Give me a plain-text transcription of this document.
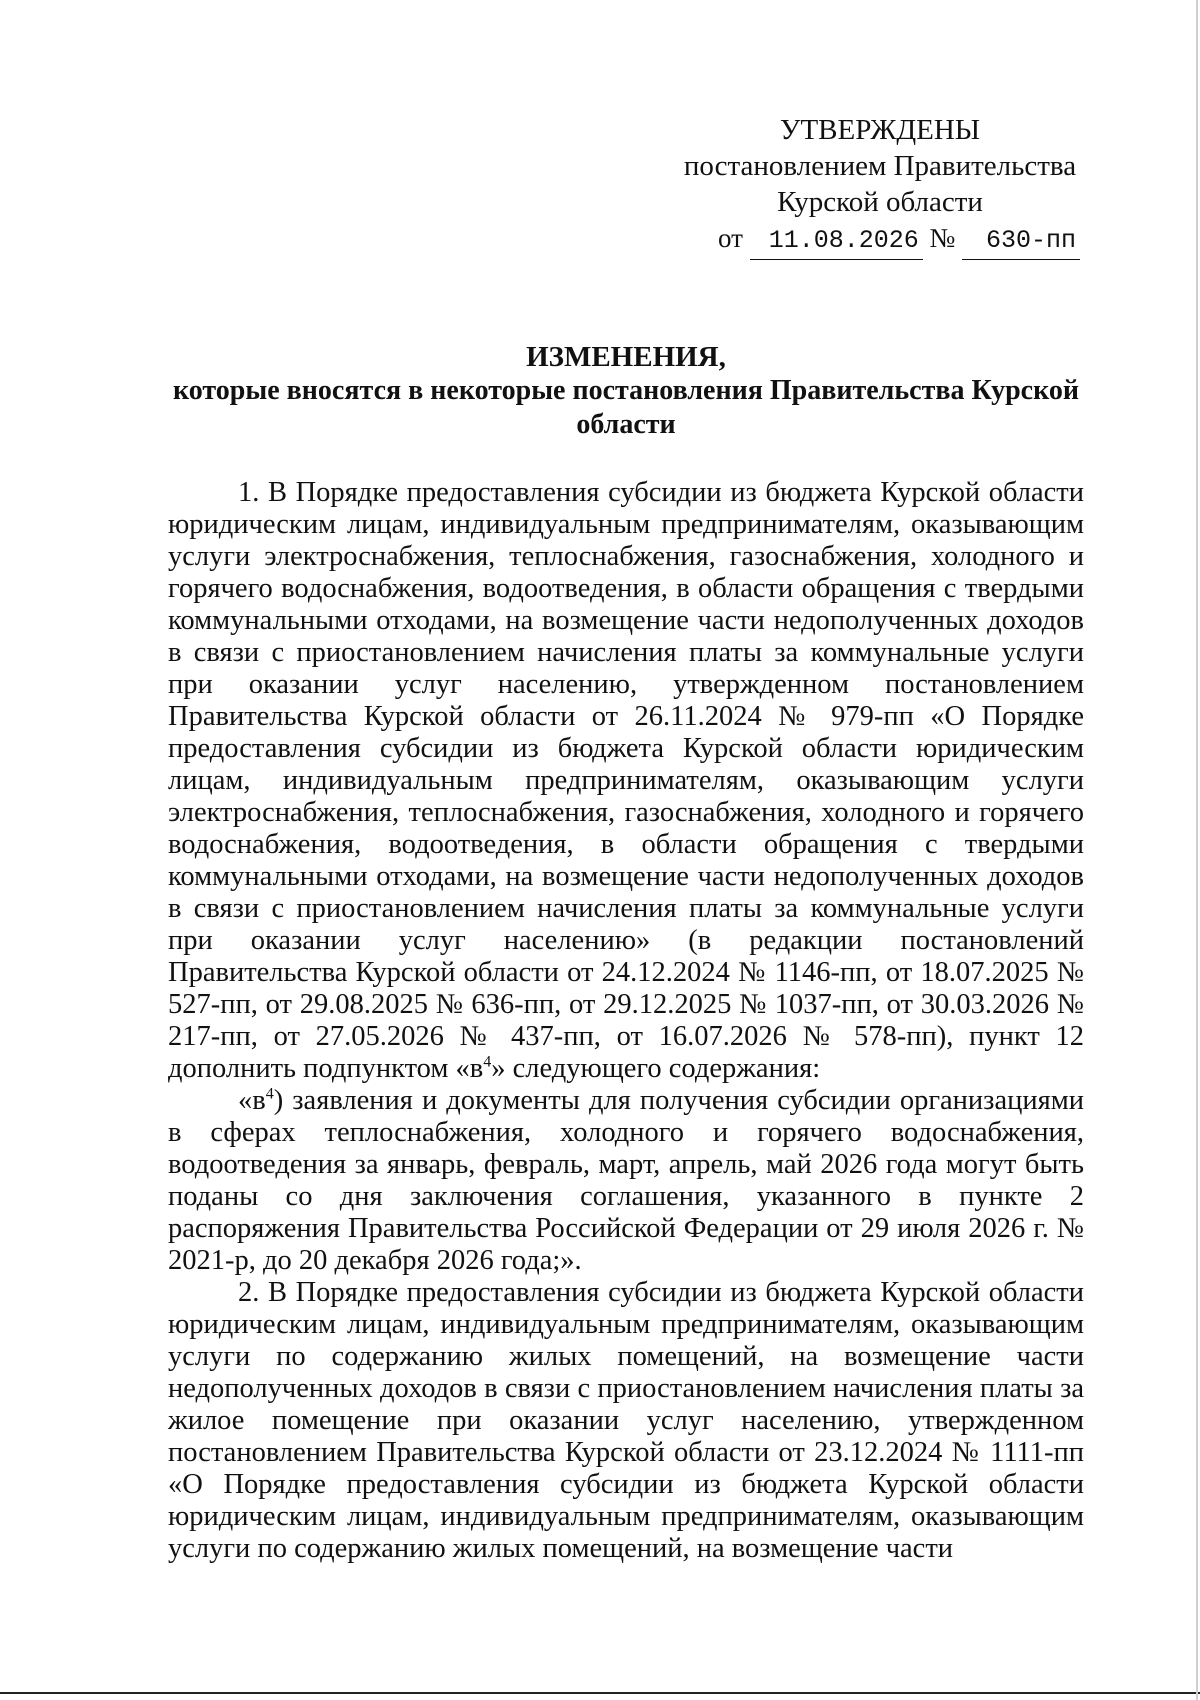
УТВЕРЖДЕНЫ
постановлением Правительства
Курской области
от 11.08.2026 № 630-пп
ИЗМЕНЕНИЯ,
которые вносятся в некоторые постановления Правительства Курской области

1. В Порядке предоставления субсидии из бюджета Курской области юридическим лицам, индивидуальным предпринимателям, оказывающим услуги электроснабжения, теплоснабжения, газоснабжения, холодного и горячего водоснабжения, водоотведения, в области обращения с твердыми коммунальными отходами, на возмещение части недополученных доходов в связи с приостановлением начисления платы за коммунальные услуги при оказании услуг населению, утвержденном постановлением Правительства Курской области от 26.11.2024 № 979-пп «О Порядке предоставления субсидии из бюджета Курской области юридическим лицам, индивидуальным предпринимателям, оказывающим услуги электроснабжения, теплоснабжения, газоснабжения, холодного и горячего водоснабжения, водоотведения, в области обращения с твердыми коммунальными отходами, на возмещение части недополученных доходов в связи с приостановлением начисления платы за коммунальные услуги при оказании услуг населению» (в редакции постановлений Правительства Курской области от 24.12.2024 № 1146-пп, от 18.07.2025 № 527-пп, от 29.08.2025 № 636-пп, от 29.12.2025 № 1037-пп, от 30.03.2026 № 217-пп, от 27.05.2026 № 437-пп, от 16.07.2026 № 578-пп), пункт 12 дополнить подпунктом «$в^4$» следующего содержания:

«$в^4$) заявления и документы для получения субсидии организациями в сферах теплоснабжения, холодного и горячего водоснабжения, водоотведения за январь, февраль, март, апрель, май 2026 года могут быть поданы со дня заключения соглашения, указанного в пункте 2 распоряжения Правительства Российской Федерации от 29 июля 2026 г. № 2021-р, до 20 декабря 2026 года;».

2. В Порядке предоставления субсидии из бюджета Курской области юридическим лицам, индивидуальным предпринимателям, оказывающим услуги по содержанию жилых помещений, на возмещение части недополученных доходов в связи с приостановлением начисления платы за жилое помещение при оказании услуг населению, утвержденном постановлением Правительства Курской области от 23.12.2024 № 1111-пп «О Порядке предоставления субсидии из бюджета Курской области юридическим лицам, индивидуальным предпринимателям, оказывающим услуги по содержанию жилых помещений, на возмещение части
